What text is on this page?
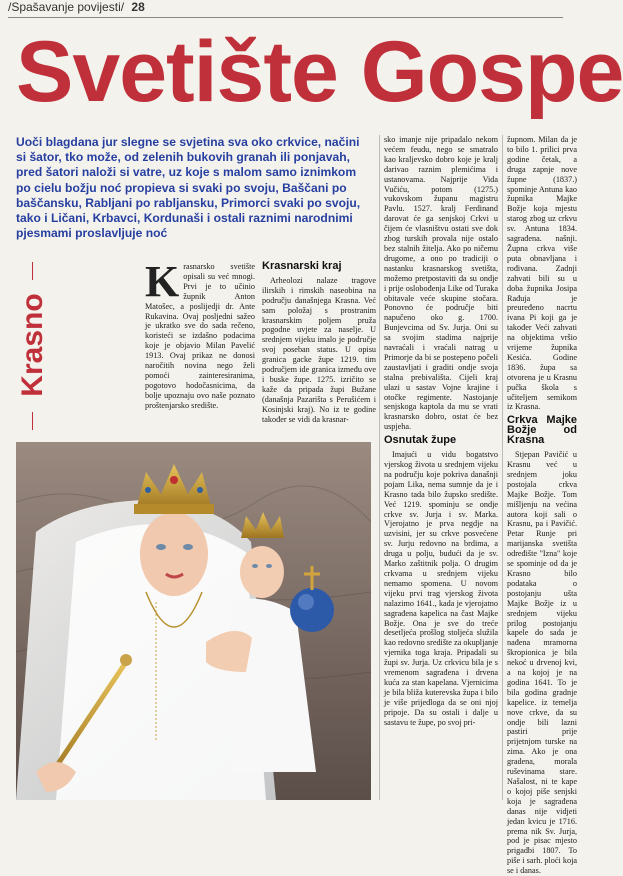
/Spašavanje povijesti/ 28
Svetište Gospe
Uoči blagdana jur slegne se svjetina sva oko crkvice, načini si šator, tko može, od zelenih bukovih granah ili ponjavah, pred šatori naloži si vatre, uz koje s malom samo iznimkom po cielu božju noć propieva si svaki po svoju, Baščani po baščansku, Rabljani po rabljansku, Primorci svaki po svoju, tako i Ličani, Krbavci, Kordunaši i ostali raznimi narodnimi pjesmami proslavljuje noć
Krasno
K rasnarsko svetište opisali su već mnogi. Prvi je to učinio župnik Anton Matošec, a poslijedji dr. Ante Rukavina. Ovaj posljedni sažeo je ukratko sve do sada rečeno, koristeći se izdašno podacima koje je objavio Milan Pavelić 1913. Ovaj prikaz ne donosi naročitih novina nego želi pomoći zainteresiranima, pogotovo hodočasnicima, da bolje upoznaju ovo naše poznato proštenjarsko središte.
Krasnarski kraj

Arheolozi nalaze tragove ilirskih i rimskih naseobina na području današnjega Krasna. Već sam položaj s prostranim krasnarskim poljem pruža pogodne uvjete za naselje. U srednjem vijeku imalo je područje svoj poseban status. U opisu granica gacke župe 1219. tim područjem ide granica između ove i buske župe. 1275. izričito se kaže da pripada župi Bužane (današnja Pazarišta s Perušićem i Kosinjski kraj). No iz te godine također se vidi da krasnar-

sko imanje nije pripadalo nekom većem feudu, nego se smatralo kao kraljevsko dobro koje je kralj darivao raznim plemićima i ustanovama. Najprije Vida Vučiću, potom (1275.) vukovskom županu magistru Pavlu. 1527. kralj Ferdinand darovat će ga senjskoj Crkvi u čijem će vlasništvu ostati sve dok zbog turskih provala nije ostalo bez stalnih žitelja. Ako po ničemu drugome, a ono po tradiciji o nastanku krasnarskog svetišta, možemo pretpostaviti da su ondje i prije oslobođenja Like od Turaka obitavale veće skupine stočara. Ponovno će područje biti napučeno oko g. 1700. Bunjevcima od Sv. Jurja. Oni su sa svojim stadima najprije navraćali i vraćali natrag u Primorje da bi se postepeno počeli zaustavljati i graditi ondje svoja stalna prebivališta. Cijeli kraj ulazi u sastav Vojne krajine i otočke regimente. Nastojanje senjskoga kaptola da mu se vrati krasnarsko dobro, ostat će bez uspjeha.

Osnutak župe

Imajući u vidu bogatstvo vjerskog života u srednjem vijeku na području koje pokriva današnji pojam Lika, nema sumnje da je i Krasno tada bilo župsko središte. Već 1219. spominju se ondje crkve sv. Jurja i sv. Marka. Vjerojatno je prva negdje na uzvisini, jer su crkve posvećene sv. Jurju redovno na brdima, a druga u polju, budući da je sv. Marko zaštitnik polja. O drugim crkvama u srednjem vijeku nemamo spomena. U novom vijeku prvi trag vjerskog života nalazimo 1641., kada je vjerojatno sagrađena kapelica na čast Majke Božje. Ona je sve do treće desetljeća prošlog stoljeća služila kao redovno središte za okupljanje vjernika toga kraja. Pripadali su župi sv. Jurja. Uz crkvicu bila je s vremenom sagrađena i drvena kuća za stan kapelana. Vjernicima je bila bliža kuterevska župa i bilo je više prijedloga da se oni njoj pripoje. Da su ostali i dalje u sastavu te župe, po svoj pri-

župnom. Milan da je to bilo 1. prilici prva godine četak, a druga zapnje nove župne (1837.) spominje Antuna kao župnika Majke Božje koja mjestu starog zbog uz crkvu sv. Antuna 1834. sagrađena. našnji. Župna crkva više puta obnavljana i rođivana. Zadnji zahvati bili su u doba župnika Josipa Rađuja je preuređeno nacrtu ivana Pi koji ga je također Veći zahvati na objektima vršio vrijeme župnika Kesića. Godine 1836. župa sa otvorena je u Krasnu pučka škola s učiteljem semikom iz Krasna.

Crkva Majke Božje od Krasna

Stjepan Pavičić u Krasnu već u srednjem joku postojala crkva Majke Božje. Tom mišljenju na većina autora koji sali o Krasnu, pa i Pavičić. Petar Runje pri marijanska svetišta određište "Izna" koje se spominje od da je Krasno bilo podataka o postojanju ušta Majke Božje iz u srednjem vijeku prilog postojanju kapele do sada je nađena mramorna škropionica je bila nekoć u drvenoj kvi, a na kojoj je na godina 1641. To je bila godina gradnje kapelice. iz temelja nove crkve, da su ondje bili lazni pastiri prije prijetnjom turske na zima. Ako je ona gradena, morala ruševinama stare. Našalost, ni te kape o kojoj piše senjski koja je sagrađena danas nije vidjeti jedan kvicu je 1716. prema nik Sv. Jurja, pod je pisac mjesto prigadbi 1807. To piše i sarh. ploći koja se i danas.
